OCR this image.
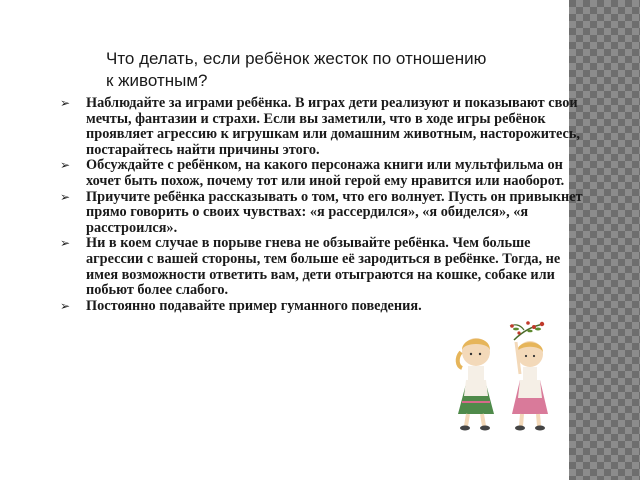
Что делать, если ребёнок жесток по отношению
к животным?
➢ Наблюдайте за играми ребёнка. В играх дети реализуют и показывают свои мечты, фантазии и страхи. Если вы заметили, что в ходе игры ребёнок проявляет агрессию к игрушкам или домашним животным, насторожитесь, постарайтесь найти причины этого.
➢ Обсуждайте с ребёнком, на какого персонажа книги или мультфильма он хочет быть похож, почему тот или иной герой ему нравится или наоборот.
➢ Приучите ребёнка рассказывать о том, что его волнует. Пусть он привыкнет прямо говорить о своих чувствах: «я рассердился», «я обиделся», «я расстроился».
➢ Ни в коем случае в порыве гнева не обзывайте ребёнка. Чем больше агрессии с вашей стороны, тем больше её зародиться в ребёнке. Тогда, не имея возможности ответить вам, дети отыграются на кошке, собаке или побьют более слабого.
➢ Постоянно подавайте пример гуманного поведения.
